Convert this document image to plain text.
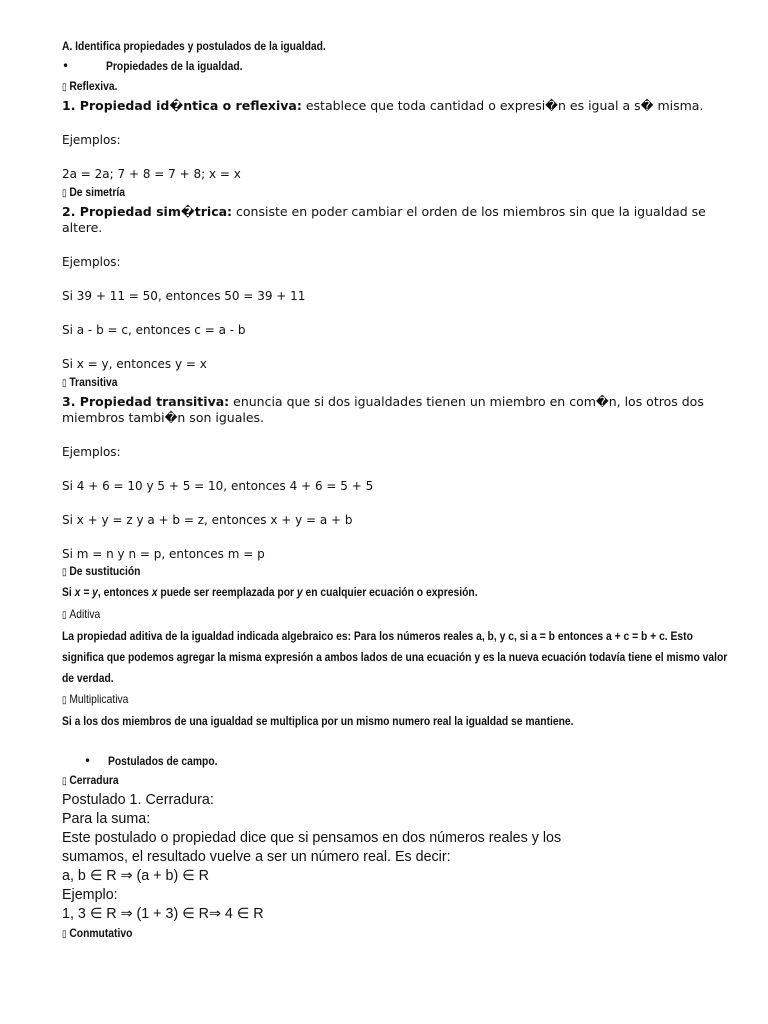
A. Identifica propiedades y postulados de la igualdad.
•	Propiedades de la igualdad.
▯ Reflexiva.
1. Propiedad id�ntica o reflexiva: establece que toda cantidad o expresi�n es igual a s� misma.
Ejemplos:
2a = 2a; 7 + 8 = 7 + 8; x = x
▯ De simetría
2. Propiedad sim�trica: consiste en poder cambiar el orden de los miembros sin que la igualdad se altere.
Ejemplos:
Si 39 + 11 = 50, entonces 50 = 39 + 11
Si a - b = c, entonces c = a - b
Si x = y, entonces y = x
▯ Transitiva
3. Propiedad transitiva: enuncia que si dos igualdades tienen un miembro en com�n, los otros dos miembros tambi�n son iguales.
Ejemplos:
Si 4 + 6 = 10 y 5 + 5 = 10, entonces 4 + 6 = 5 + 5
Si x + y = z y a + b = z, entonces x + y = a + b
Si m = n y n = p, entonces m = p
▯ De sustitución
Si x = y, entonces x puede ser reemplazada por y en cualquier ecuación o expresión.
▯ Aditiva
La propiedad aditiva de la igualdad indicada algebraico es: Para los números reales a, b, y c, si a = b entonces a + c = b + c. Esto significa que podemos agregar la misma expresión a ambos lados de una ecuación y es la nueva ecuación todavía tiene el mismo valor de verdad.
▯ Multiplicativa
Si a los dos miembros de una igualdad se multiplica por un mismo numero real la igualdad se mantiene.
•	Postulados de campo.
▯ Cerradura
Postulado 1. Cerradura:
Para la suma:
Este postulado o propiedad dice que si pensamos en dos números reales y los
sumamos, el resultado vuelve a ser un número real. Es decir:
a, b ∈ R ⇒ (a + b) ∈ R
Ejemplo:
1, 3 ∈ R ⇒ (1 + 3) ∈ R⇒ 4 ∈ R
▯ Conmutativo
